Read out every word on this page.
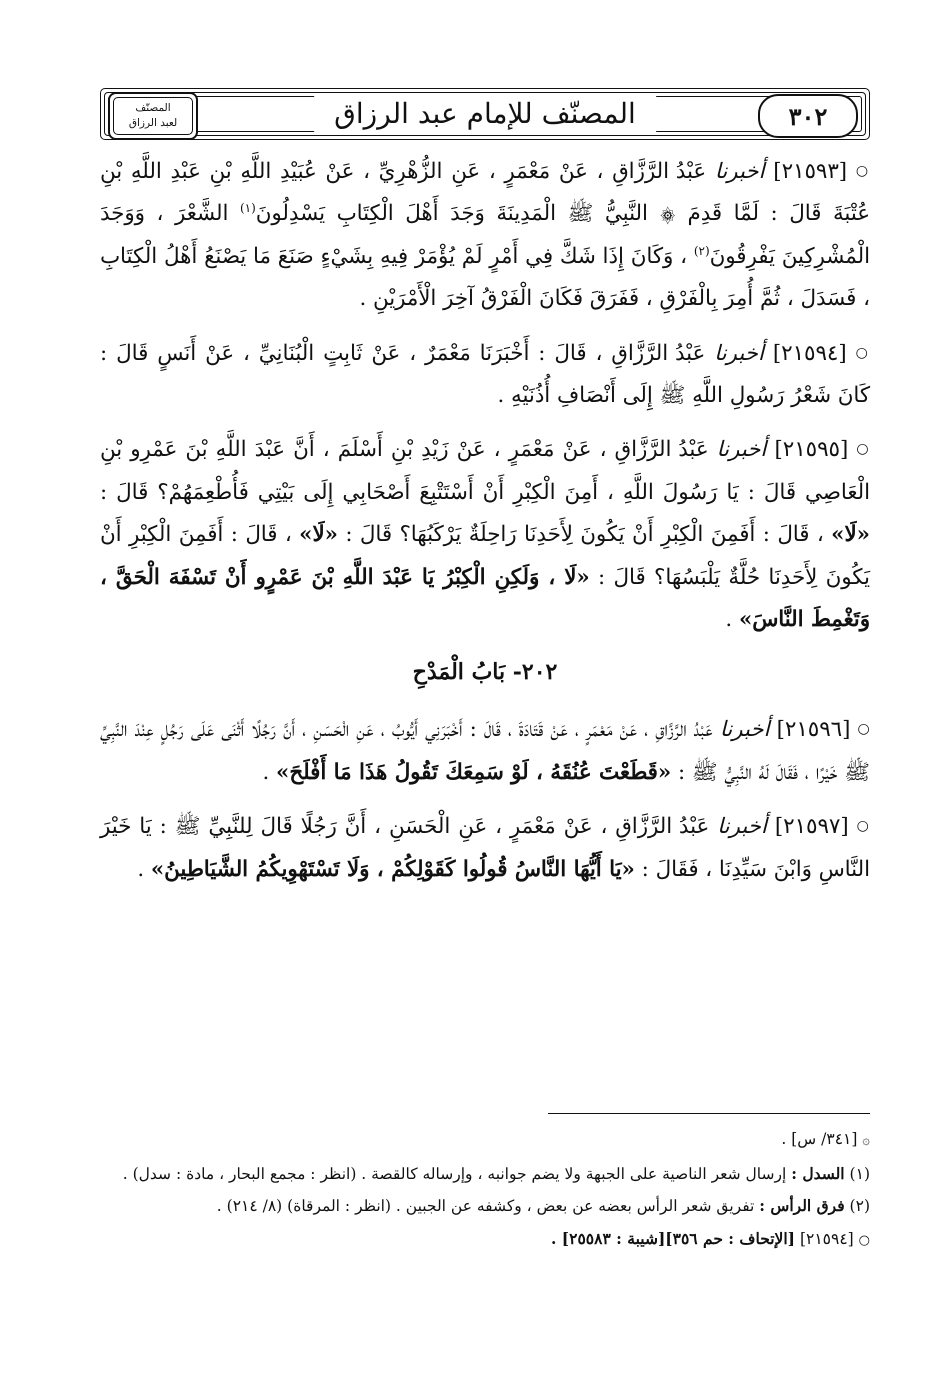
٣٠٢
المصنّف للإمام عبد الرزاق
المصنّف
لعبد الرزاق

○ [٢١٥٩٣] أخبرنا عَبْدُ الرَّزَّاقِ ، عَنْ مَعْمَرٍ ، عَنِ الزُّهْرِيِّ ، عَنْ عُبَيْدِ اللَّهِ بْنِ عَبْدِ اللَّهِ بْنِ عُتْبَةَ قَالَ : لَمَّا قَدِمَ ۞ النَّبِيُّ ﷺ الْمَدِينَةَ وَجَدَ أَهْلَ الْكِتَابِ يَسْدِلُونَ$^{(١)}$ الشَّعْرَ ، وَوَجَدَ الْمُشْرِكِينَ يَفْرِقُونَ$^{(٢)}$ ، وَكَانَ إِذَا شَكَّ فِي أَمْرٍ لَمْ يُؤْمَرْ فِيهِ بِشَيْءٍ صَنَعَ مَا يَصْنَعُ أَهْلُ الْكِتَابِ ، فَسَدَلَ ، ثُمَّ أُمِرَ بِالْفَرْقِ ، فَفَرَقَ فَكَانَ الْفَرْقُ آخِرَ الْأَمْرَيْنِ .

○ [٢١٥٩٤] أخبرنا عَبْدُ الرَّزَّاقِ ، قَالَ : أَخْبَرَنَا مَعْمَرٌ ، عَنْ ثَابِتٍ الْبُنَانِيِّ ، عَنْ أَنَسٍ قَالَ : كَانَ شَعْرُ رَسُولِ اللَّهِ ﷺ إِلَى أَنْصَافِ أُذُنَيْهِ .

○ [٢١٥٩٥] أخبرنا عَبْدُ الرَّزَّاقِ ، عَنْ مَعْمَرٍ ، عَنْ زَيْدِ بْنِ أَسْلَمَ ، أَنَّ عَبْدَ اللَّهِ بْنَ عَمْرِو بْنِ الْعَاصِي قَالَ : يَا رَسُولَ اللَّهِ ، أَمِنَ الْكِبْرِ أَنْ أَسْتَتْبِعَ أَصْحَابِي إِلَى بَيْتِي فَأُطْعِمَهُمْ؟ قَالَ : «لَا» ، قَالَ : أَفَمِنَ الْكِبْرِ أَنْ يَكُونَ لِأَحَدِنَا رَاحِلَةٌ يَرْكَبُهَا؟ قَالَ : «لَا» ، قَالَ : أَفَمِنَ الْكِبْرِ أَنْ يَكُونَ لِأَحَدِنَا حُلَّةٌ يَلْبَسُهَا؟ قَالَ : «لَا ، وَلَكِنِ الْكِبْرُ يَا عَبْدَ اللَّهِ بْنَ عَمْرٍو أَنْ تَسْفَهَ الْحَقَّ ، وَتَغْمِطَ النَّاسَ» .

٢٠٢- بَابُ الْمَدْحِ

○ [٢١٥٩٦] أخبرنا عَبْدُ الرَّزَّاقِ ، عَنْ مَعْمَرٍ ، عَنْ قَتَادَةَ ، قَالَ : أَخْبَرَنِي أَيُّوبُ ، عَنِ الْحَسَنِ ، أَنَّ رَجُلًا أَثْنَى عَلَى رَجُلٍ عِنْدَ النَّبِيِّ ﷺ خَيْرًا ، فَقَالَ لَهُ النَّبِيُّ ﷺ : «قَطَعْتَ عُنُقَهُ ، لَوْ سَمِعَكَ تَقُولُ هَذَا مَا أَفْلَحَ» .

○ [٢١٥٩٧] أخبرنا عَبْدُ الرَّزَّاقِ ، عَنْ مَعْمَرٍ ، عَنِ الْحَسَنِ ، أَنَّ رَجُلًا قَالَ لِلنَّبِيِّ ﷺ : يَا خَيْرَ النَّاسِ وَابْنَ سَيِّدِنَا ، فَقَالَ : «يَا أَيُّهَا النَّاسُ قُولُوا كَقَوْلِكُمْ ، وَلَا تَسْتَهْوِيكُمُ الشَّيَاطِينُ» .

۞ [٣٤١/ س] .

(١) السدل : إرسال شعر الناصية على الجبهة ولا يضم جوانبه ، وإرساله كالقصة . (انظر : مجمع البحار ، مادة : سدل) .

(٢) فرق الرأس : تفريق شعر الرأس بعضه عن بعض ، وكشفه عن الجبين . (انظر : المرقاة) (٨/ ٢١٤) .

○ [٢١٥٩٤] [الإتحاف : حم ٣٥٦][شيبة : ٢٥٥٨٣] .
